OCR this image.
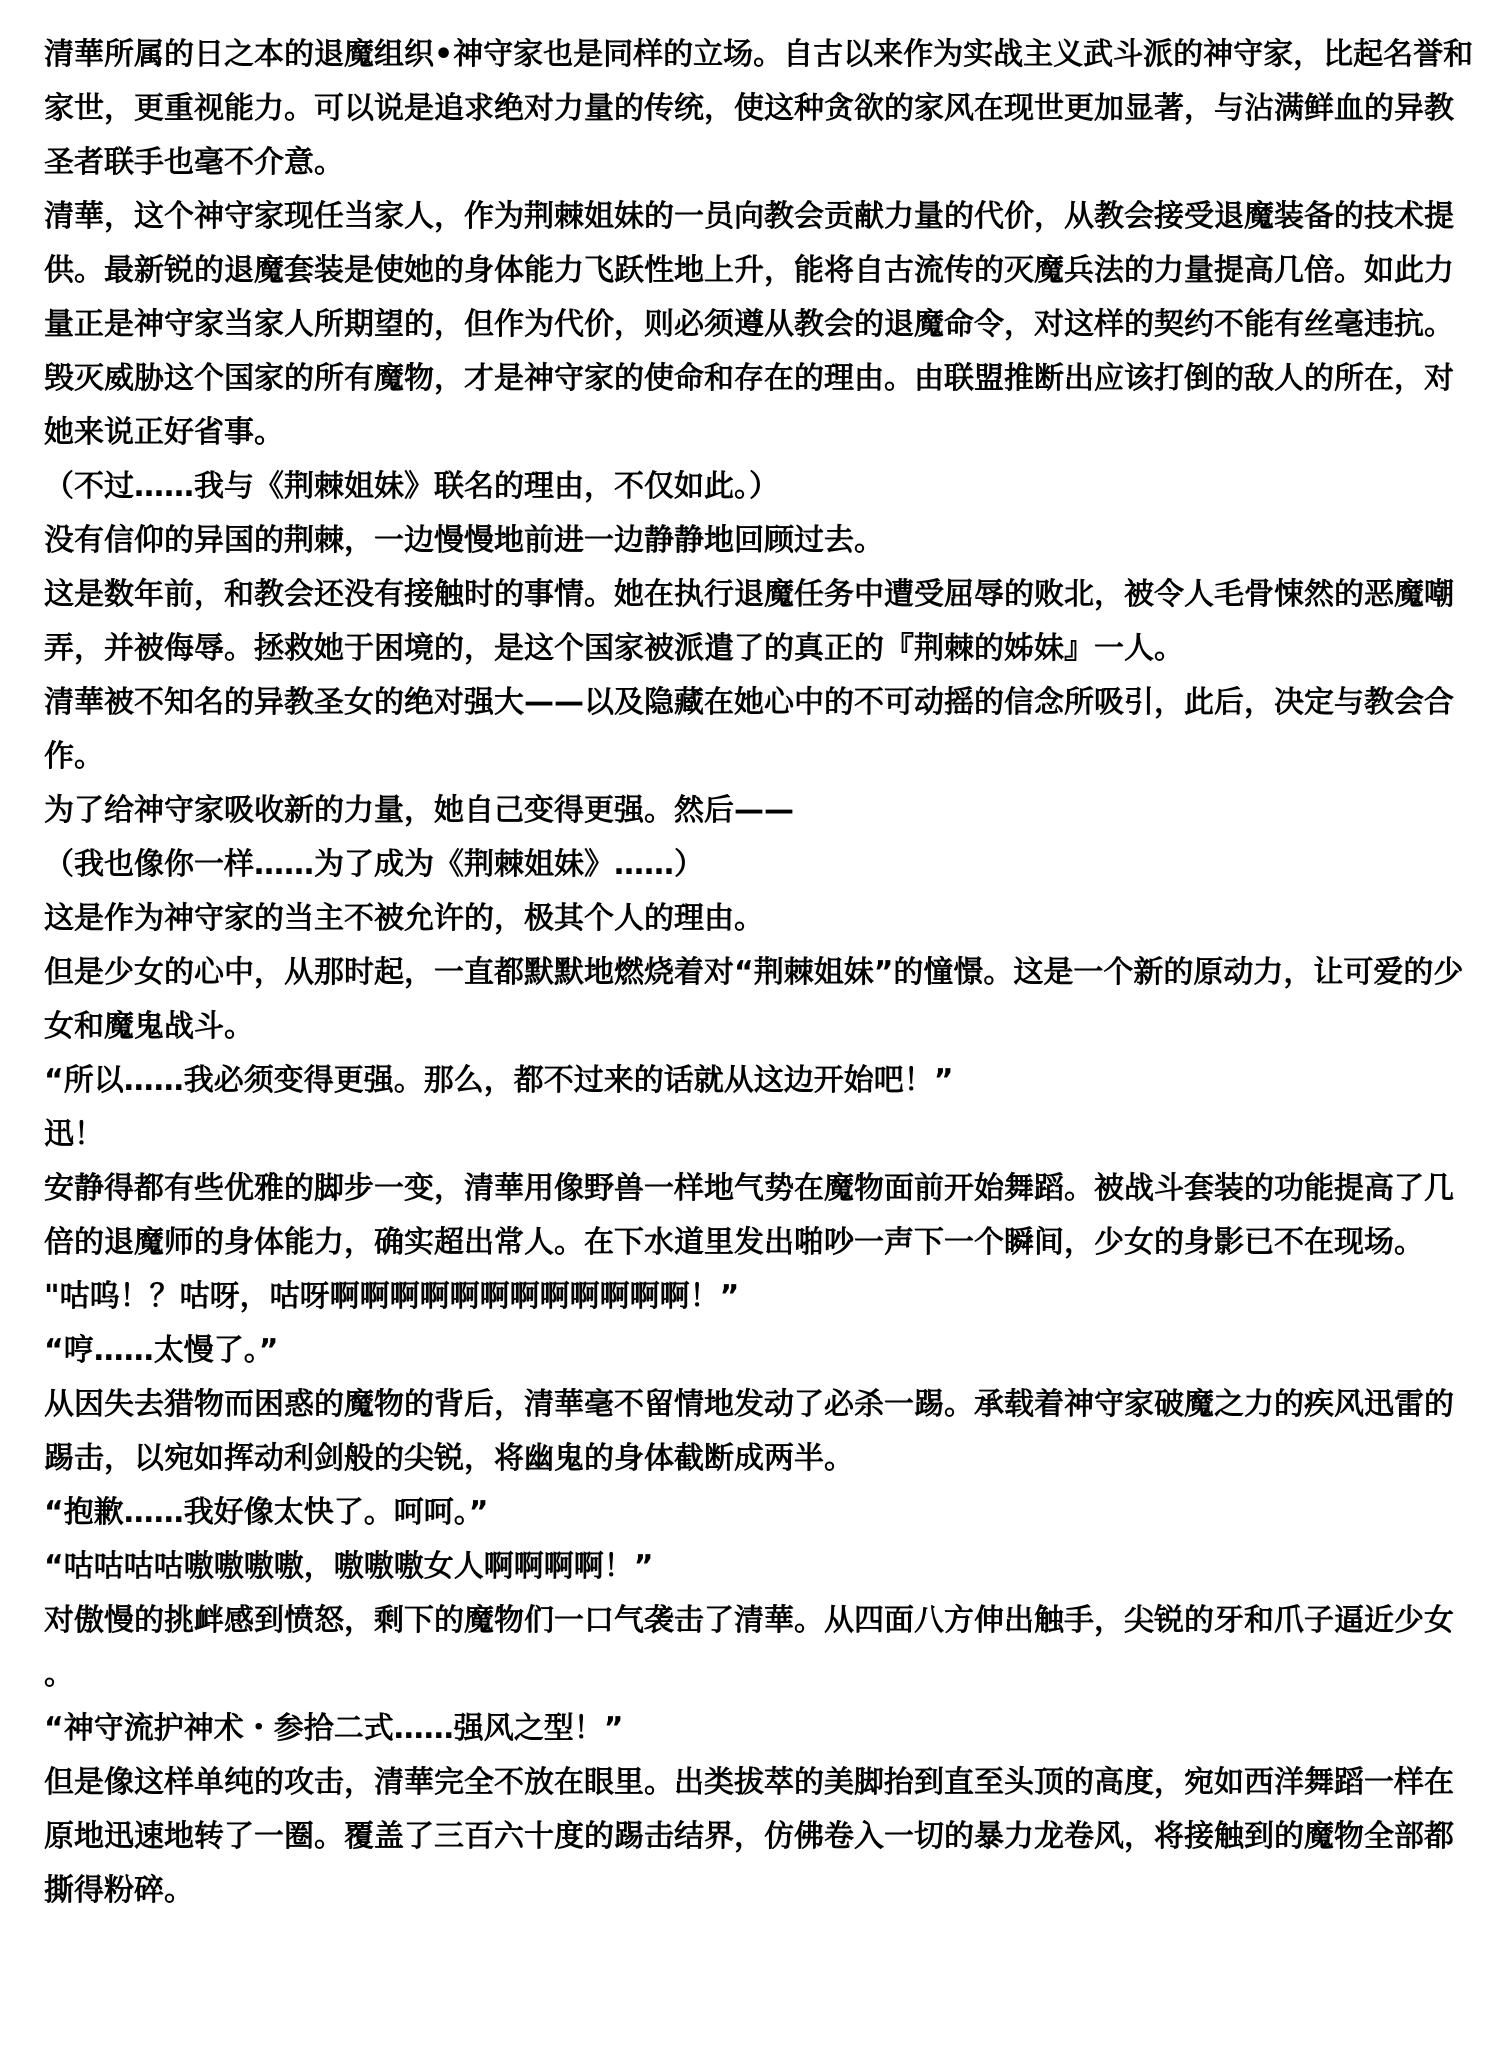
清華所属的日之本的退魔组织•神守家也是同样的立场。自古以来作为实战主义武斗派的神守家，比起名誉和家世，更重视能力。可以说是追求绝对力量的传统，使这种贪欲的家风在现世更加显著，与沾满鲜血的异教圣者联手也毫不介意。

清華，这个神守家现任当家人，作为荆棘姐妹的一员向教会贡献力量的代价，从教会接受退魔装备的技术提供。最新锐的退魔套装是使她的身体能力飞跃性地上升，能将自古流传的灭魔兵法的力量提高几倍。如此力量正是神守家当家人所期望的，但作为代价，则必须遵从教会的退魔命令，对这样的契约不能有丝毫违抗。

毁灭威胁这个国家的所有魔物，才是神守家的使命和存在的理由。由联盟推断出应该打倒的敌人的所在，对她来说正好省事。

（不过……我与《荆棘姐妹》联名的理由，不仅如此。）

没有信仰的异国的荆棘，一边慢慢地前进一边静静地回顾过去。

这是数年前，和教会还没有接触时的事情。她在执行退魔任务中遭受屈辱的败北，被令人毛骨悚然的恶魔嘲弄，并被侮辱。拯救她于困境的，是这个国家被派遣了的真正的『荆棘的姊妹』一人。

清華被不知名的异教圣女的绝对强大——以及隐藏在她心中的不可动摇的信念所吸引，此后，决定与教会合作。

为了给神守家吸收新的力量，她自己变得更强。然后——

（我也像你一样……为了成为《荆棘姐妹》……）

这是作为神守家的当主不被允许的，极其个人的理由。

但是少女的心中，从那时起，一直都默默地燃烧着对“荆棘姐妹”的憧憬。这是一个新的原动力，让可爱的少女和魔鬼战斗。

“所以……我必须变得更强。那么，都不过来的话就从这边开始吧！”

迅！

安静得都有些优雅的脚步一变，清華用像野兽一样地气势在魔物面前开始舞蹈。被战斗套装的功能提高了几倍的退魔师的身体能力，确实超出常人。在下水道里发出啪吵一声下一个瞬间，少女的身影已不在现场。

"咕呜！？咕呀，咕呀啊啊啊啊啊啊啊啊啊啊啊啊！”

“哼……太慢了。”

从因失去猎物而困惑的魔物的背后，清華毫不留情地发动了必杀一踢。承载着神守家破魔之力的疾风迅雷的踢击，以宛如挥动利剑般的尖锐，将幽鬼的身体截断成两半。

“抱歉……我好像太快了。呵呵。”

“咕咕咕咕嗷嗷嗷嗷，嗷嗷嗷女人啊啊啊啊！”

对傲慢的挑衅感到愤怒，剩下的魔物们一口气袭击了清華。从四面八方伸出触手，尖锐的牙和爪子逼近少女。

“神守流护神术・参拾二式……强风之型！”

但是像这样单纯的攻击，清華完全不放在眼里。出类拔萃的美脚抬到直至头顶的高度，宛如西洋舞蹈一样在原地迅速地转了一圈。覆盖了三百六十度的踢击结界，仿佛卷入一切的暴力龙卷风，将接触到的魔物全部都撕得粉碎。
